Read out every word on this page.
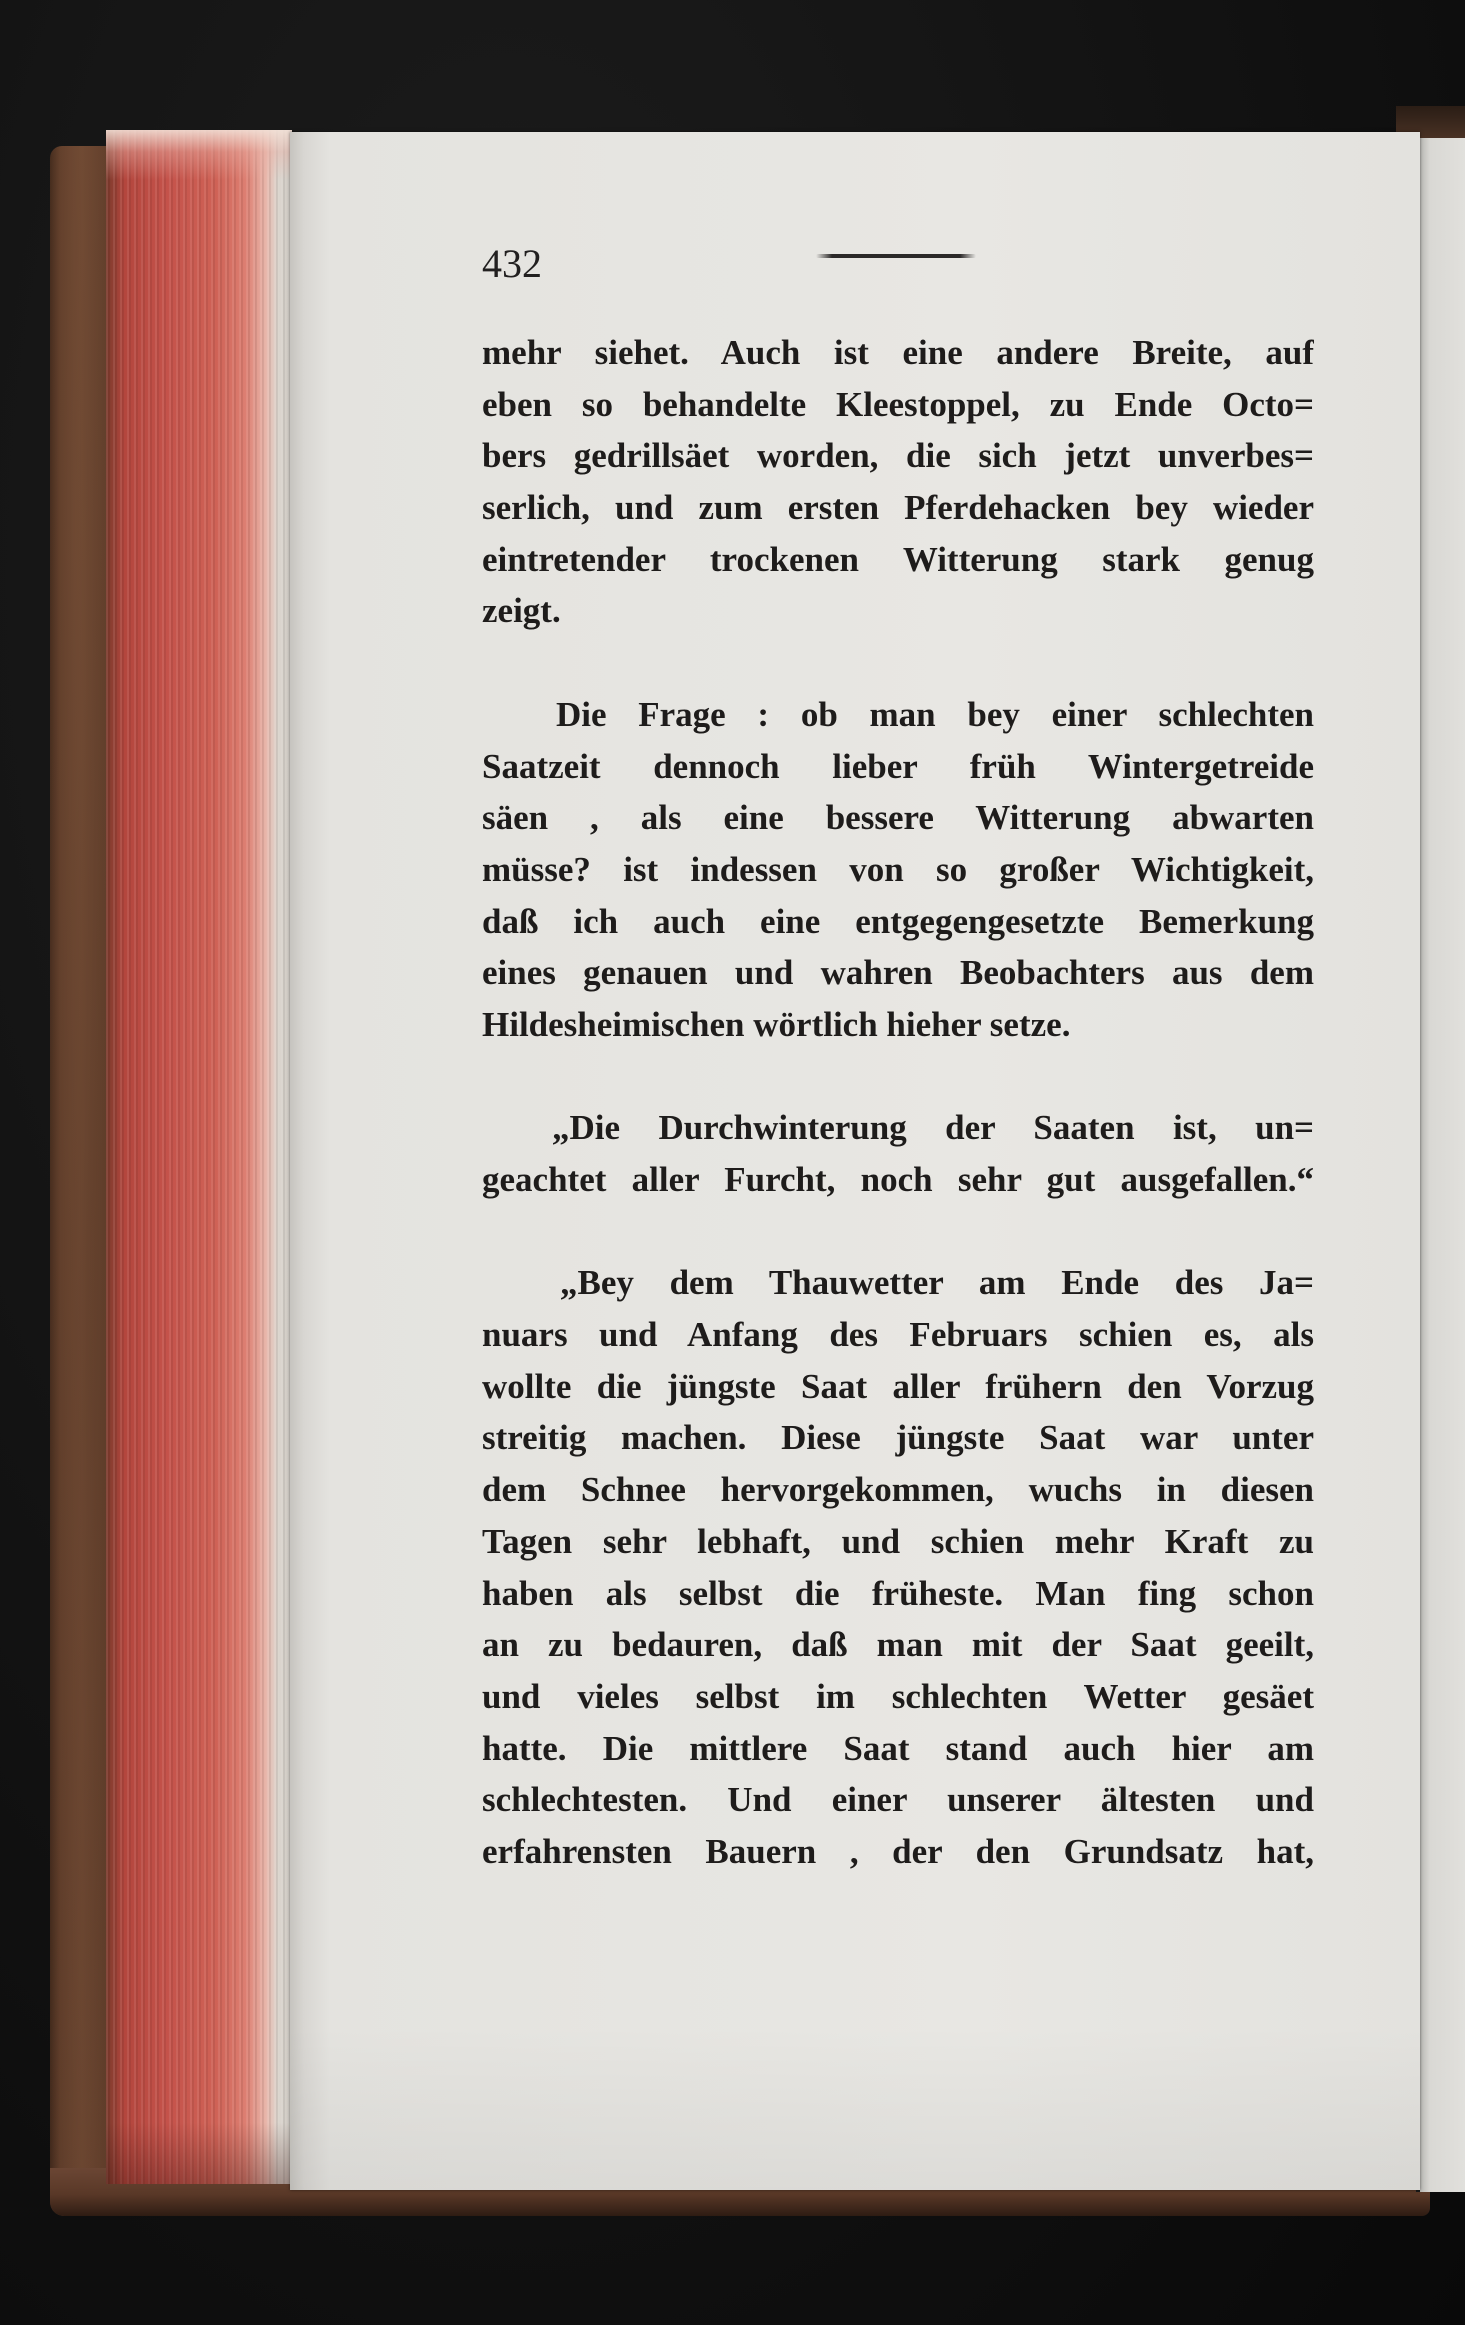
432
mehr siehet. Auch ist eine andere Breite, auf
eben so behandelte Kleestoppel, zu Ende Octo=
bers gedrillsäet worden, die sich jetzt unverbes=
serlich, und zum ersten Pferdehacken bey wieder
eintretender trockenen Witterung stark genug
zeigt.
Die Frage : ob man bey einer schlechten
Saatzeit dennoch lieber früh Wintergetreide
säen , als eine bessere Witterung abwarten
müsse? ist indessen von so großer Wichtigkeit,
daß ich auch eine entgegengesetzte Bemerkung
eines genauen und wahren Beobachters aus dem
Hildesheimischen wörtlich hieher setze.
„Die Durchwinterung der Saaten ist, un=
geachtet aller Furcht, noch sehr gut ausgefallen.“
„Bey dem Thauwetter am Ende des Ja=
nuars und Anfang des Februars schien es, als
wollte die jüngste Saat aller frühern den Vorzug
streitig machen. Diese jüngste Saat war unter
dem Schnee hervorgekommen, wuchs in diesen
Tagen sehr lebhaft, und schien mehr Kraft zu
haben als selbst die früheste. Man fing schon
an zu bedauren, daß man mit der Saat geeilt,
und vieles selbst im schlechten Wetter gesäet
hatte. Die mittlere Saat stand auch hier am
schlechtesten. Und einer unserer ältesten und
erfahrensten Bauern , der den Grundsatz hat,
